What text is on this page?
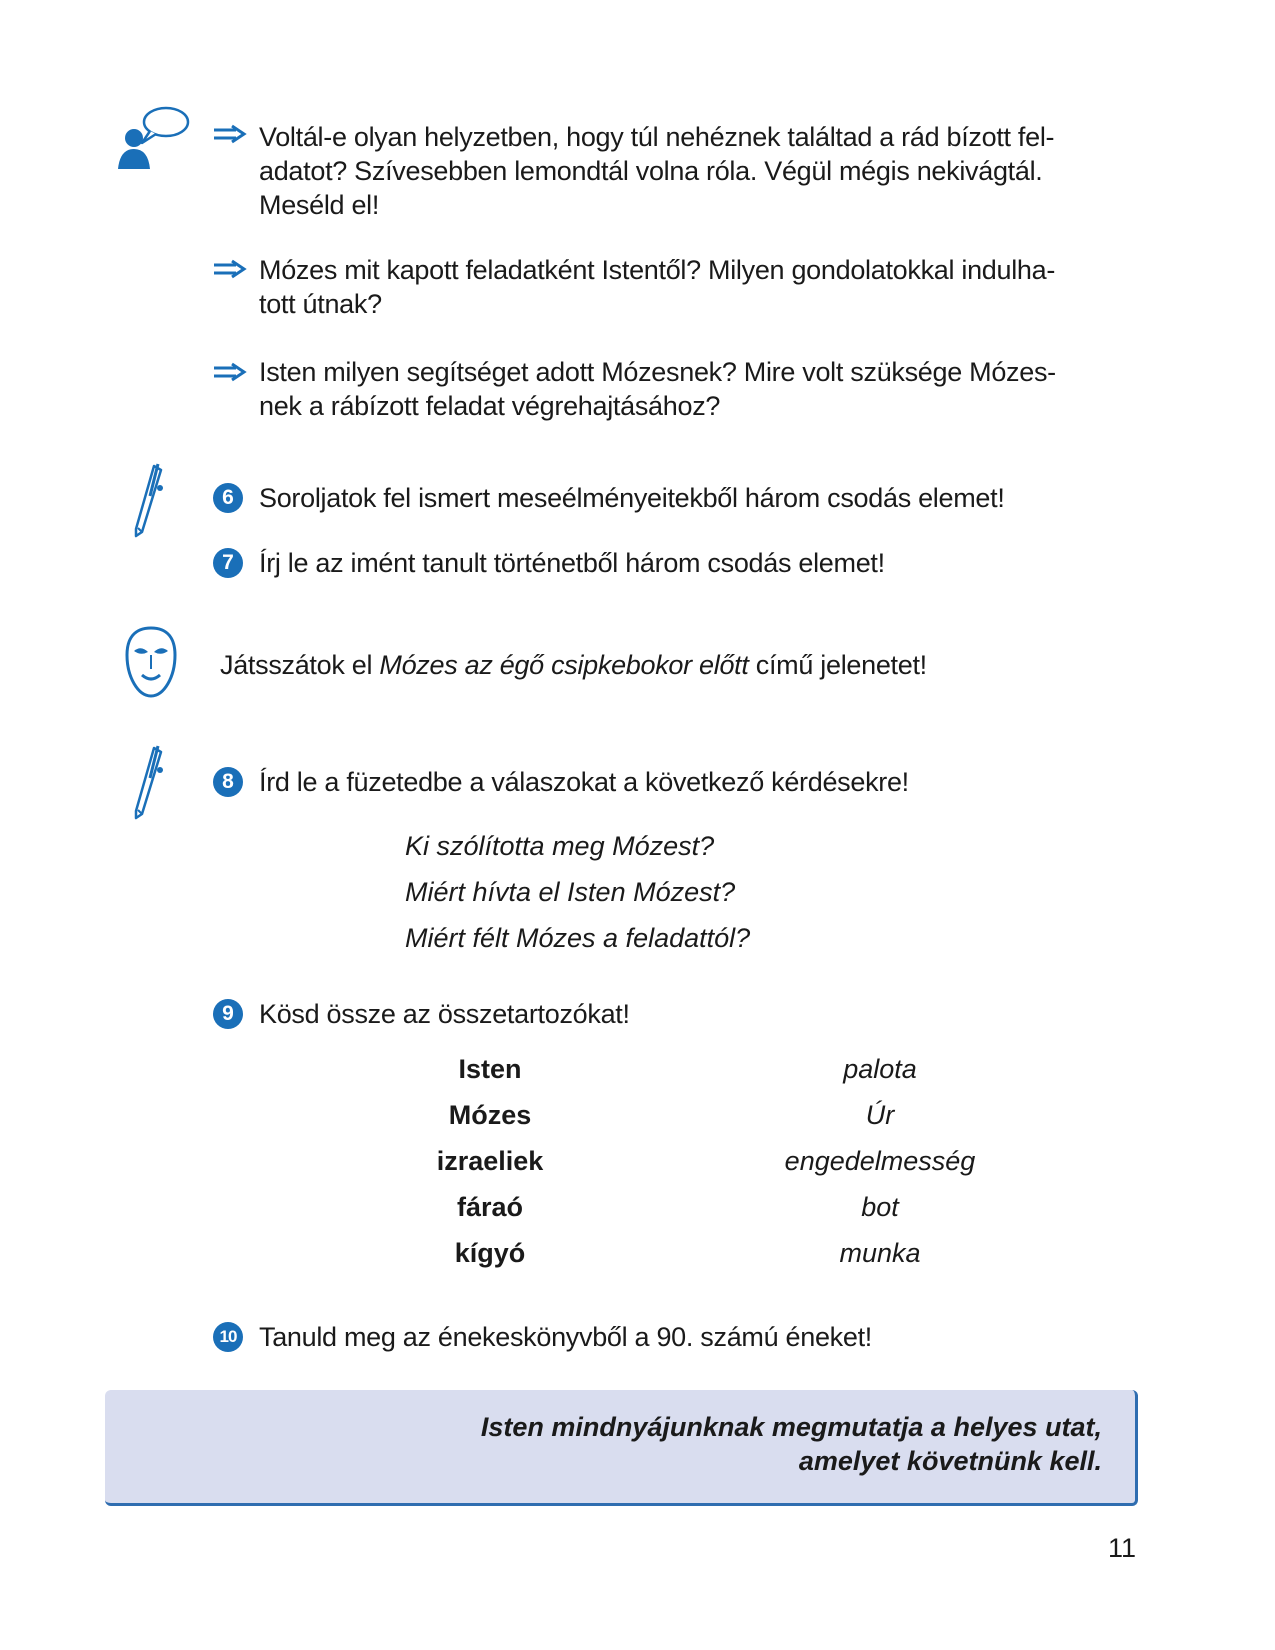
Voltál-e olyan helyzetben, hogy túl nehéznek találtad a rád bízott fel-
adatot? Szívesebben lemondtál volna róla. Végül mégis nekivágtál.
Meséld el!
Mózes mit kapott feladatként Istentől? Milyen gondolatokkal indulha-
tott útnak?
Isten milyen segítséget adott Mózesnek? Mire volt szüksége Mózes-
nek a rábízott feladat végrehajtásához?
6 Soroljatok fel ismert meseélményeitekből három csodás elemet!
7 Írj le az imént tanult történetből három csodás elemet!
Játsszátok el Mózes az égő csipkebokor előtt című jelenetet!
8 Írd le a füzetedbe a válaszokat a következő kérdésekre!
Ki szólította meg Mózest?
Miért hívta el Isten Mózest?
Miért félt Mózes a feladattól?
9 Kösd össze az összetartozókat!
Isten
Mózes
izraeliek
fáraó
kígyó
palota
Úr
engedelmesség
bot
munka
10 Tanuld meg az énekeskönyvből a 90. számú éneket!
Isten mindnyájunknak megmutatja a helyes utat,
amelyet követnünk kell.
11
